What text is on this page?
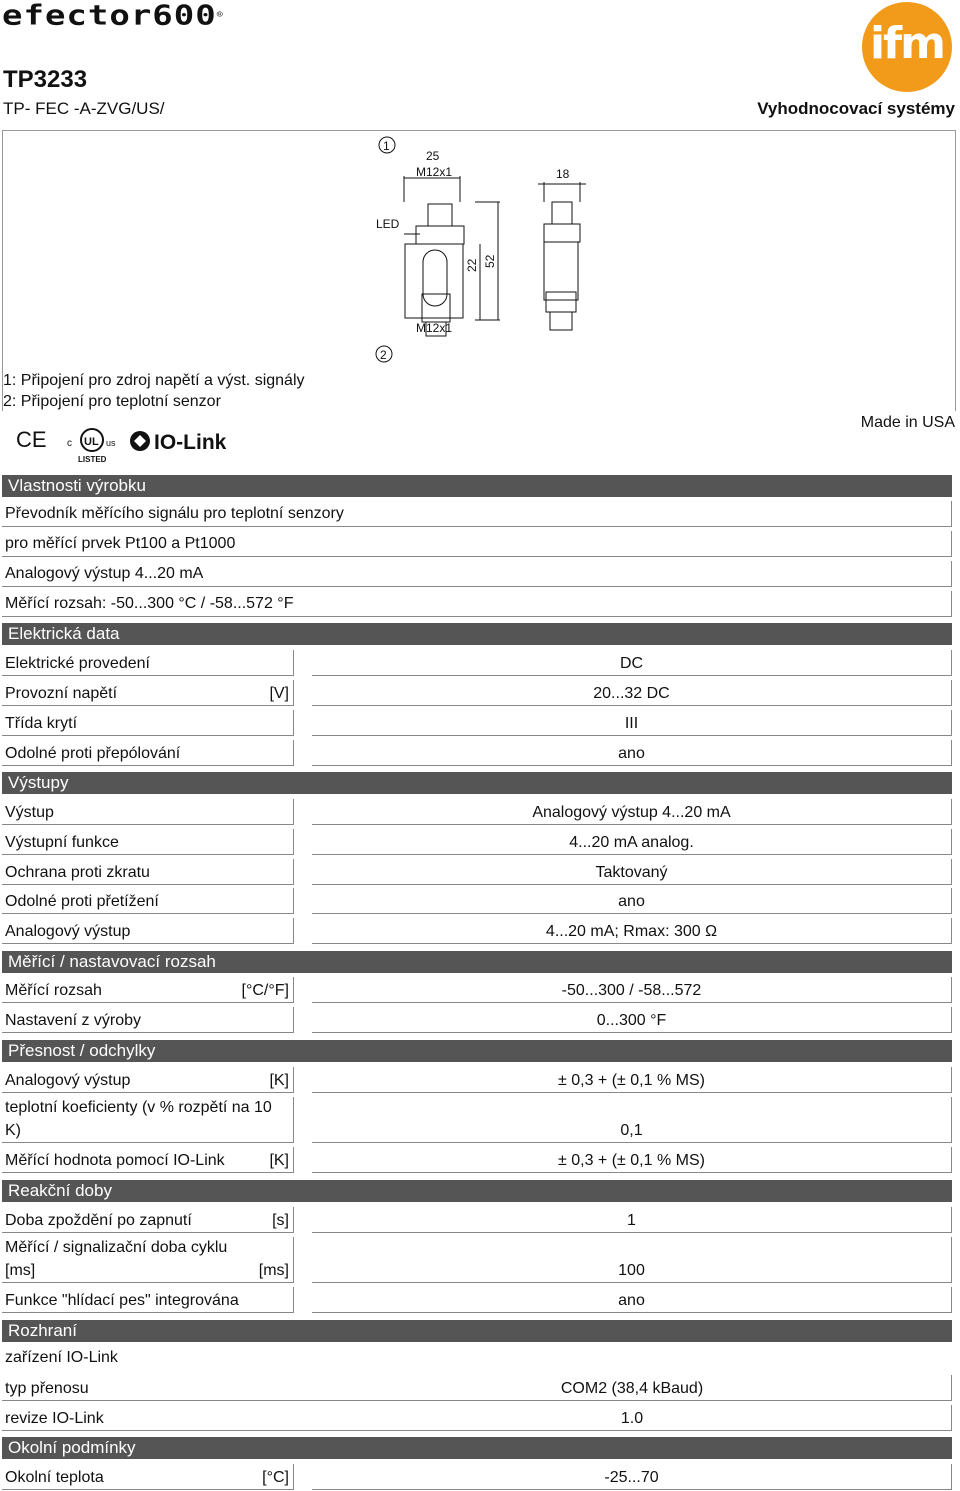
efector600®
ifm
TP3233
TP- FEC -A-ZVG/US/	Vyhodnocovací systémy
1
2
25
M12x1	18
LED
M12x1
22 52
1: Připojení pro zdroj napětí a výst. signály
2: Připojení pro teplotní senzor
Made in USA
CE c UL us
LISTED
IO-Link
Vlastnosti výrobku
Převodník měřícího signálu pro teplotní senzory
pro měřící prvek Pt100 a Pt1000
Analogový výstup 4...20 mA
Měřící rozsah: -50...300 °C / -58...572 °F
Elektrická data
Elektrické provedení	DC
Provozní napětí	[V]	20...32 DC
Třída krytí	III
Odolné proti přepólování	ano
Výstupy
Výstup	Analogový výstup 4...20 mA
Výstupní funkce	4...20 mA analog.
Ochrana proti zkratu	Taktovaný
Odolné proti přetížení	ano
Analogový výstup	4...20 mA; Rmax: 300 Ω
Měřící / nastavovací rozsah
Měřící rozsah	[°C/°F]	-50...300 / -58...572
Nastavení z výroby	0...300 °F
Přesnost / odchylky
Analogový výstup	[K]	± 0,3 + (± 0,1 % MS)
teplotní koeficienty (v % rozpětí na 10
K)	0,1
Měřící hodnota pomocí IO-Link	[K]	± 0,3 + (± 0,1 % MS)
Reakční doby
Doba zpoždění po zapnutí	[s]	1
Měřící / signalizační doba cyklu
[ms]	[ms]	100
Funkce "hlídací pes" integrována	ano
Rozhraní
zařízení IO-Link
typ přenosu	COM2 (38,4 kBaud)
revize IO-Link	1.0
Okolní podmínky
Okolní teplota	[°C]	-25...70
